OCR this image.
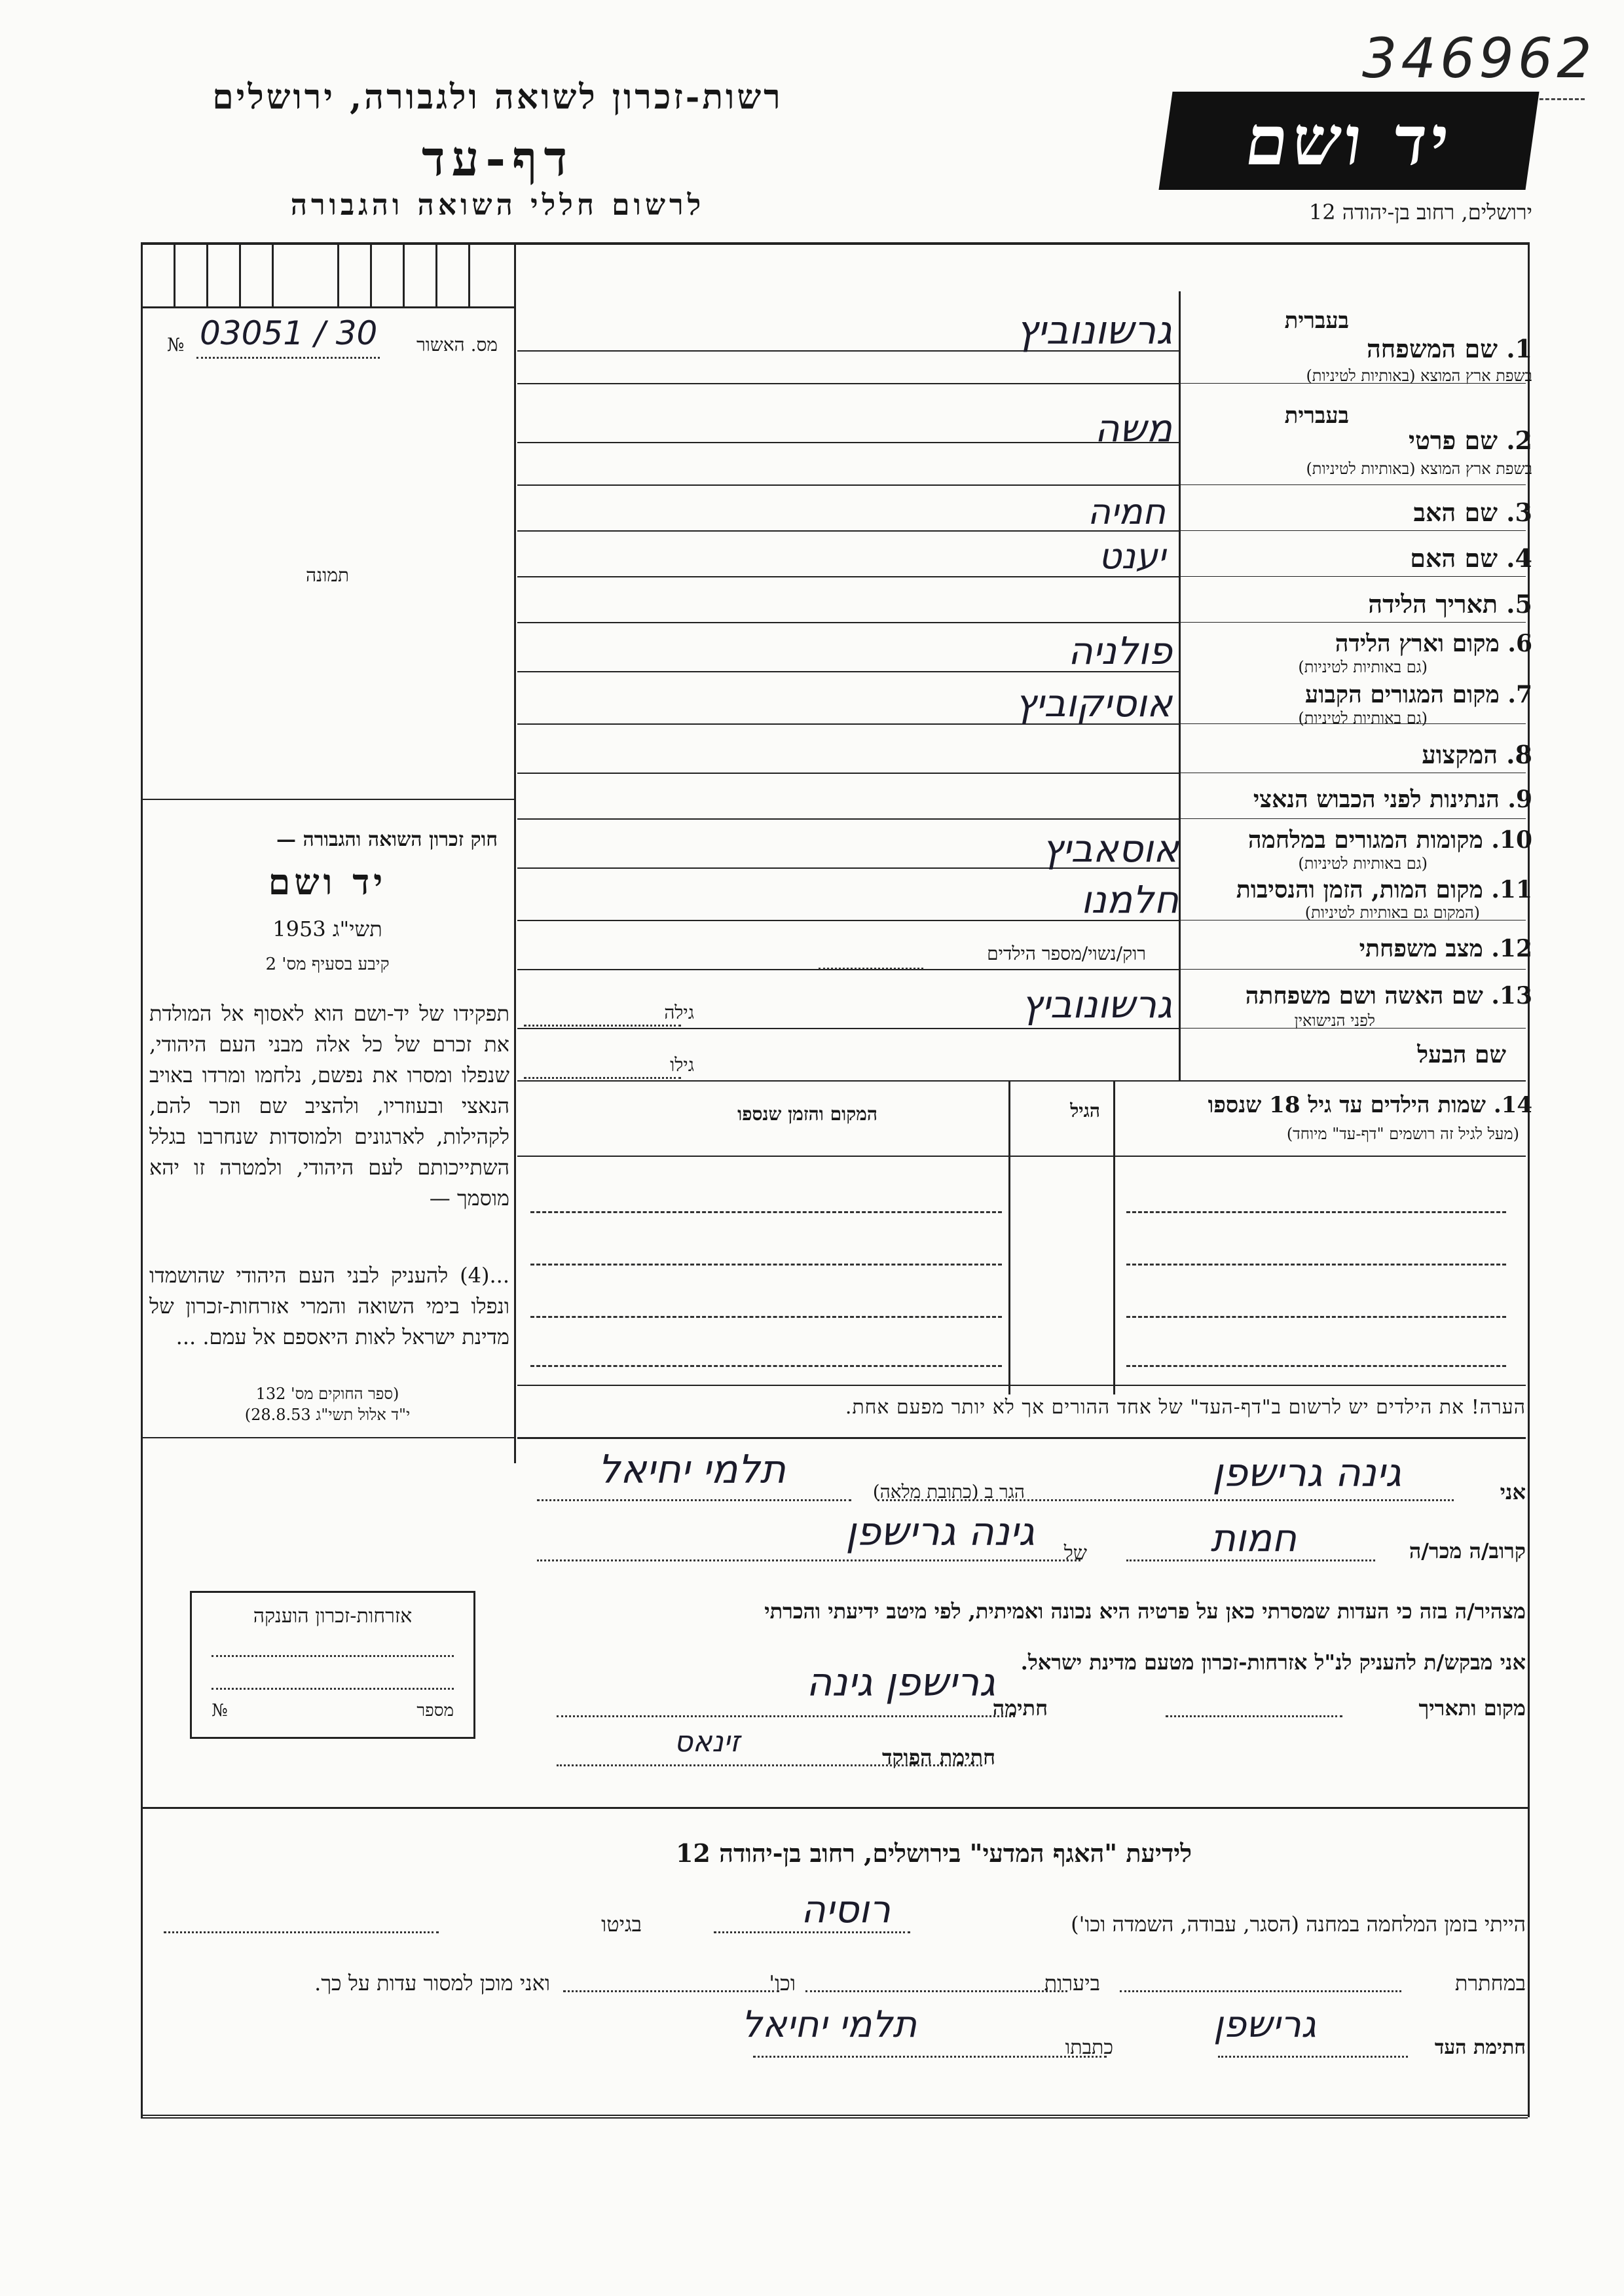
346962
רשות-זכרון לשואה ולגבורה, ירושלים
דף-עד
לרשום חללי השואה והגבורה
יד ושם
ירושלים, רחוב בן-יהודה 12
מס. האשור
№ 03051 / 30
תמונה
בעברית
1. שם המשפחה
בשפת ארץ המוצא (באותיות לטיניות)
בעברית
2. שם פרטי
בשפת ארץ המוצא (באותיות לטיניות)
3. שם האב
4. שם האם
5. תאריך הלידה
6. מקום וארץ הלידה
(גם באותיות לטיניות)
7. מקום המגורים הקבוע
(גם באותיות לטיניות)
8. המקצוע
9. הנתינות לפני הכבוש הנאצי
10. מקומות המגורים במלחמה
(גם באותיות לטיניות)
11. מקום המות, הזמן והנסיבות
(המקום גם באותיות לטיניות)
12. מצב משפחתי
13. שם האשה ושם משפחתה
לפני הנישואין
שם הבעל
גרשונוביץ
משה
חמיה
יענט
פולניה
אוסיקוביץ
אוסאביץ
חלמנו
רוק/נשוי/מספר הילדים
גרשונוביץ
גילה
גילו
14. שמות הילדים עד גיל 18 שנספו
(מעל לגיל זה רושמים "דף-עד" מיוחד)
הגיל
המקום והזמן שנספו
הערה! את הילדים יש לרשום ב"דף-העד" של אחד ההורים אך לא יותר מפעם אחת.
חוק זכרון השואה והגבורה —
יד ושם
תשי"ג 1953
קיבע בסעיף מס' 2
תפקידו של יד-ושם הוא לאסוף אל המולדת את זכרם של כל אלה מבני העם היהודי, שנפלו ומסרו את נפשם, נלחמו ומרדו באויב הנאצי ובעוזריו, ולהציב שם וזכר להם, לקהילות, לארגונים ולמוסדות שנחרבו בגלל השתייכותם לעם היהודי, ולמטרה זו יהא מוסמך —
...(4) להעניק לבני העם היהודי שהושמדו ונפלו בימי השואה והמרי אזרחות-זכרון של מדינת ישראל לאות היאספם אל עמם. ...
(ספר החוקים מס' 132
י"ד אלול תשי"ג 28.8.53)
אזרחות-זכרון הוענקה
מספר
№
אני
גינה גרישפן
הגר ב (כתובת מלאה)
תלמי יחיאל
קרוב/ה מכר/ה
חמות
של
גינה גרישפן
מצהיר/ה בזה כי העדות שמסרתי כאן על פרטיה היא נכונה ואמיתית, לפי מיטב ידיעתי והכרתי
אני מבקש/ת להעניק לנ"ל אזרחות-זכרון מטעם מדינת ישראל.
מקום ותאריך
חתימה
גרישפן גינה
חתימת הפוקד
זינאס
לידיעת "האגף המדעי" בירושלים, רחוב בן-יהודה 12
הייתי בזמן המלחמה במחנה (הסגר, עבודה, השמדה וכו')
רוסיה
בגיטו
במחתרת
ביערות
וכו'
ואני מוכן למסור עדות על כך.
חתימת העד
גרישפן
כתבתו
תלמי יחיאל
